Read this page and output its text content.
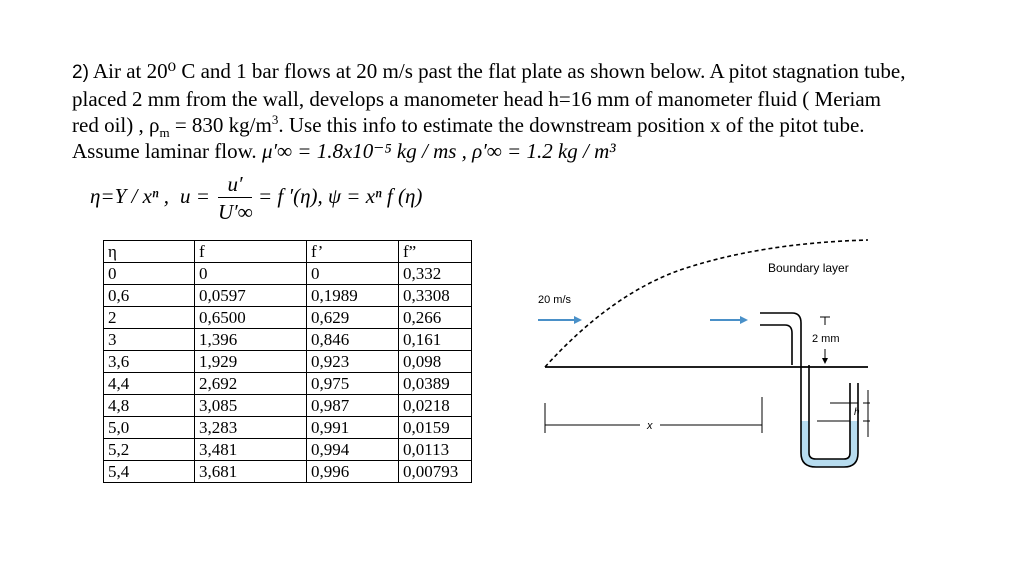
2) Air at 20⁰ C and 1 bar flows at 20 m/s past the flat plate as shown below. A pitot stagnation tube,
placed 2 mm from the wall, develops a manometer head h=16 mm of manometer fluid ( Meriam
red oil) , $\rho_m = 830$ $kg/m^3$. Use this info to estimate the downstream position x of the pitot tube.
Assume laminar flow. μ′∞ = 1.8x10⁻⁵ kg / ms , ρ′∞ = 1.2 kg / m³
η=Y / xⁿ , u = u′
U′∞
= f ′(η), ψ = xⁿ f (η)
η	f	f’	f”
0	0	0	0,332
0,6	0,0597	0,1989	0,3308
2	0,6500	0,629	0,266
3	1,396	0,846	0,161
3,6	1,929	0,923	0,098
4,4	2,692	0,975	0,0389
4,8	3,085	0,987	0,0218
5,0	3,283	0,991	0,0159
5,2	3,481	0,994	0,0113
5,4	3,681	0,996	0,00793
Boundary layer
20 m/s
2 mm
x
h
